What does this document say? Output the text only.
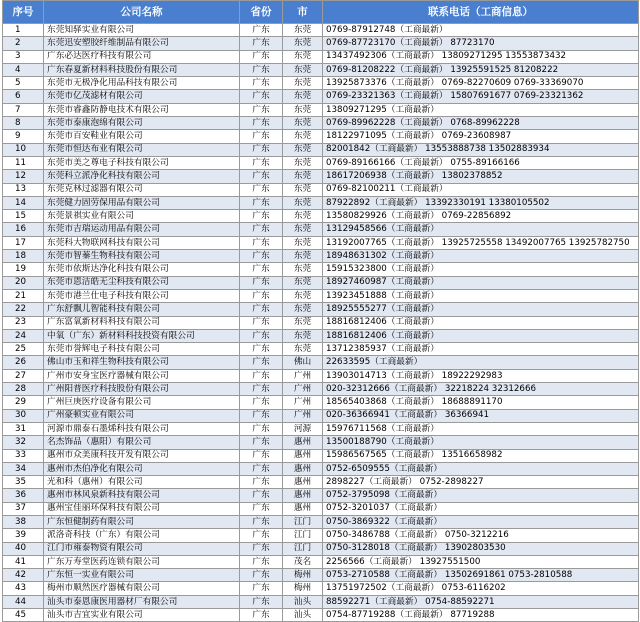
序号	公司名称	省份	市	联系电话（工商信息）
1	东莞知驿实业有限公司	广东	东莞	0769-87912748（工商最新）
2	东莞迅安塑胶纤维制品有限公司	广东	东莞	0769-87723170（工商最新） 87723170
3	广东必达医疗科技有限公司	广东	东莞	13437492306（工商最新） 13809271295 13553873432
4	广东春夏新材料科技股份有限公司	广东	东莞	0769-81208222（工商最新） 13925591525 81208222
5	东莞市无极净化用品科技有限公司	广东	东莞	13925873376（工商最新） 0769-82270609 0769-33369070
6	东莞市亿茂滤材有限公司	广东	东莞	0769-23321363（工商最新） 15807691677 0769-23321362
7	东莞市睿鑫防静电技术有限公司	广东	东莞	13809271295（工商最新）
8	东莞市泰康泡绵有限公司	广东	东莞	0769-89962228（工商最新） 0768-89962228
9	东莞市百安鞋业有限公司	广东	东莞	18122971095（工商最新） 0769-23608987
10	东莞市恒达布业有限公司	广东	东莞	82001842（工商最新） 13553888738 13502883934
11	东莞市美之尊电子科技有限公司	广东	东莞	0769-89166166（工商最新） 0755-89166166
12	东莞科立派净化科技有限公司	广东	东莞	18617206938（工商最新） 13802378852
13	东莞克林过滤器有限公司	广东	东莞	0769-82100211（工商最新）
14	东莞健力固劳保用品有限公司	广东	东莞	87922892（工商最新） 13392330191 13380105502
15	东莞景祺实业有限公司	广东	东莞	13580829926（工商最新） 0769-22856892
16	东莞市吉瑞运动用品有限公司	广东	东莞	13129458566（工商最新）
17	东莞科大物联网科技有限公司	广东	东莞	13192007765（工商最新） 13925725558 13492007765 13925782750
18	东莞市智蓁生物科技有限公司	广东	东莞	18948631302（工商最新）
19	东莞市依斯达净化科技有限公司	广东	东莞	15915323800（工商最新）
20	东莞市恩洁皓无尘科技有限公司	广东	东莞	18927460987（工商最新）
21	东莞市港兰仕电子科技有限公司	广东	东莞	13923451888（工商最新）
22	广东舒飘儿智能科技有限公司	广东	东莞	18925555277（工商最新）
23	广东富氧新材料科技有限公司	广东	东莞	18816812406（工商最新）
24	中氧（广东）新材料科技投资有限公司	广东	东莞	18816812406（工商最新）
25	东莞市誉辉电子科技有限公司	广东	东莞	13712385937（工商最新）
26	佛山市玉和祥生物科技有限公司	广东	佛山	22633595（工商最新）
27	广州市安身宝医疗器械有限公司	广东	广州	13903014713（工商最新） 18922292983
28	广州阳普医疗科技股份有限公司	广东	广州	020-32312666（工商最新） 32218224 32312666
29	广州巨庚医疗设备有限公司	广东	广州	18565403868（工商最新） 18688891170
30	广州豪顿实业有限公司	广东	广州	020-36366941（工商最新） 36366941
31	河源市鼎泰石墨烯科技有限公司	广东	河源	15976711568（工商最新）
32	名杰饰品（惠阳）有限公司	广东	惠州	13500188790（工商最新）
33	惠州市众美康科技开发有限公司	广东	惠州	15986567565（工商最新） 13516658982
34	惠州市杰伯净化有限公司	广东	惠州	0752-6509555（工商最新）
35	光和科（惠州）有限公司	广东	惠州	2898227（工商最新） 0752-2898227
36	惠州市林风泉新科技有限公司	广东	惠州	0752-3795098（工商最新）
37	惠州宝佳丽环保科技有限公司	广东	惠州	0752-3201037（工商最新）
38	广东恒健制药有限公司	广东	江门	0750-3869322（工商最新）
39	派洛奇科技（广东）有限公司	广东	江门	0750-3486788（工商最新） 0750-3212216
40	江门市雍泰物资有限公司	广东	江门	0750-3128018（工商最新） 13902803530
41	广东万寿堂医药连锁有限公司	广东	茂名	2256566（工商最新） 13927551500
42	广东恒一实业有限公司	广东	梅州	0753-2710588（工商最新） 13502691861 0753-2810588
43	梅州市顺然医疗器械有限公司	广东	梅州	13751972502（工商最新） 0753-6116202
44	汕头市泰恩康医用器材厂有限公司	广东	汕头	88592271（工商最新） 0754-88592271
45	汕头市吉宜实业有限公司	广东	汕头	0754-87719288（工商最新） 87719288
